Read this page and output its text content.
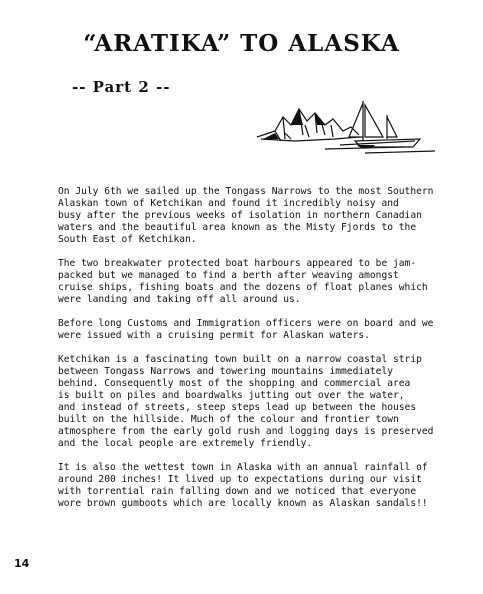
“ARATIKA” TO ALASKA
-- Part 2 --

On July 6th we sailed up the Tongass Narrows to the most Southern
Alaskan town of Ketchikan and found it incredibly noisy and
busy after the previous weeks of isolation in northern Canadian
waters and the beautiful area known as the Misty Fjords to the
South East of Ketchikan.

The two breakwater protected boat harbours appeared to be jam-
packed but we managed to find a berth after weaving amongst
cruise ships, fishing boats and the dozens of float planes which
were landing and taking off all around us.

Before long Customs and Immigration officers were on board and we
were issued with a cruising permit for Alaskan waters.

Ketchikan is a fascinating town built on a narrow coastal strip
between Tongass Narrows and towering mountains immediately
behind. Consequently most of the shopping and commercial area
is built on piles and boardwalks jutting out over the water,
and instead of streets, steep steps lead up between the houses
built on the hillside. Much of the colour and frontier town
atmosphere from the early gold rush and logging days is preserved
and the local people are extremely friendly.

It is also the wettest town in Alaska with an annual rainfall of
around 200 inches! It lived up to expectations during our visit
with torrential rain falling down and we noticed that everyone
wore brown gumboots which are locally known as Alaskan sandals!!

14
